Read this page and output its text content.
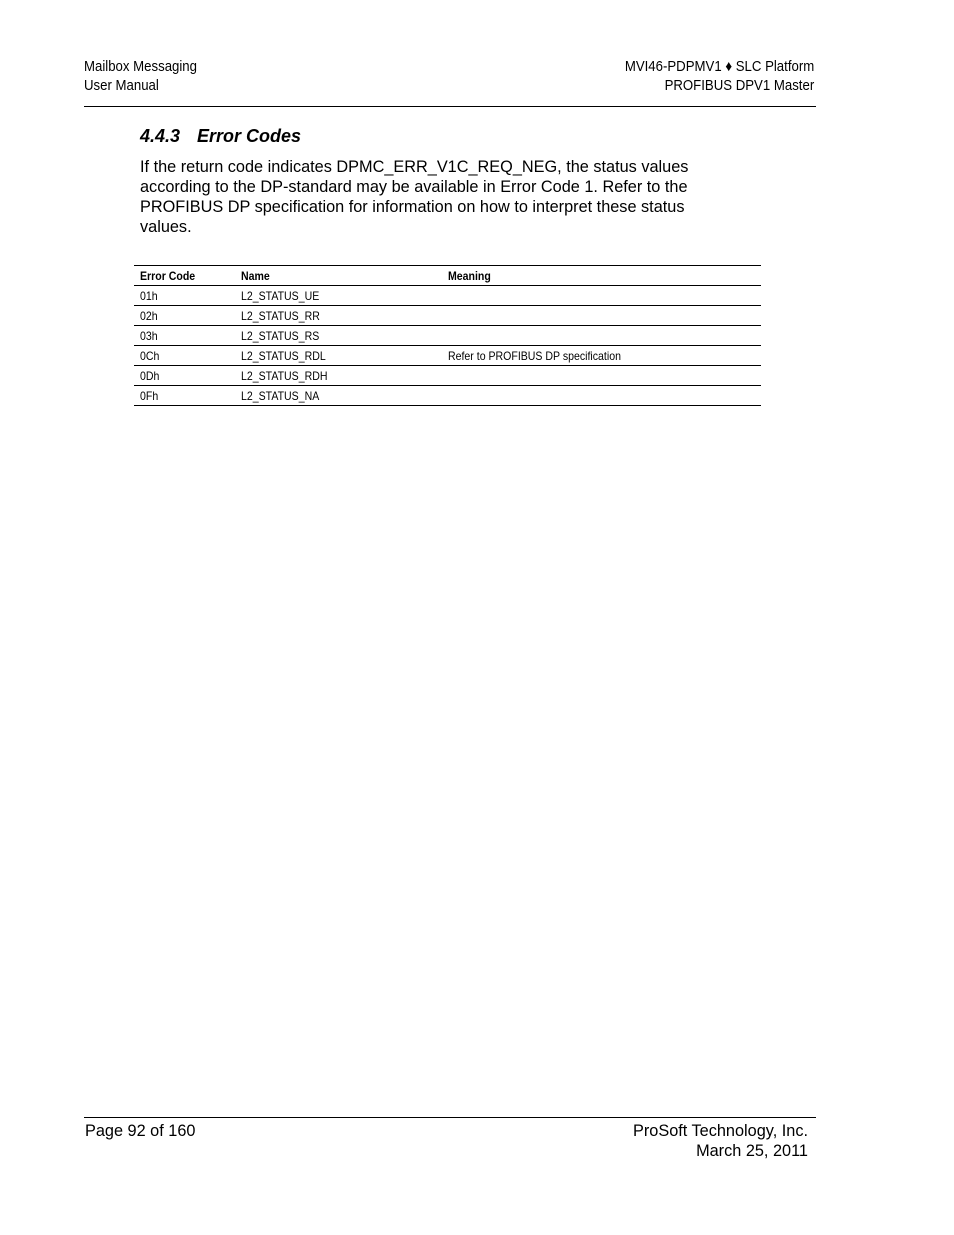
Mailbox Messaging
User Manual
MVI46-PDPMV1 ♦ SLC Platform
PROFIBUS DPV1 Master
4.4.3 Error Codes
If the return code indicates DPMC_ERR_V1C_REQ_NEG, the status values according to the DP-standard may be available in Error Code 1. Refer to the PROFIBUS DP specification for information on how to interpret these status values.
Error Code	Name	Meaning
01h	L2_STATUS_UE	
02h	L2_STATUS_RR	
03h	L2_STATUS_RS	
0Ch	L2_STATUS_RDL	Refer to PROFIBUS DP specification
0Dh	L2_STATUS_RDH	
0Fh	L2_STATUS_NA	
Page 92 of 160	ProSoft Technology, Inc.
March 25, 2011
